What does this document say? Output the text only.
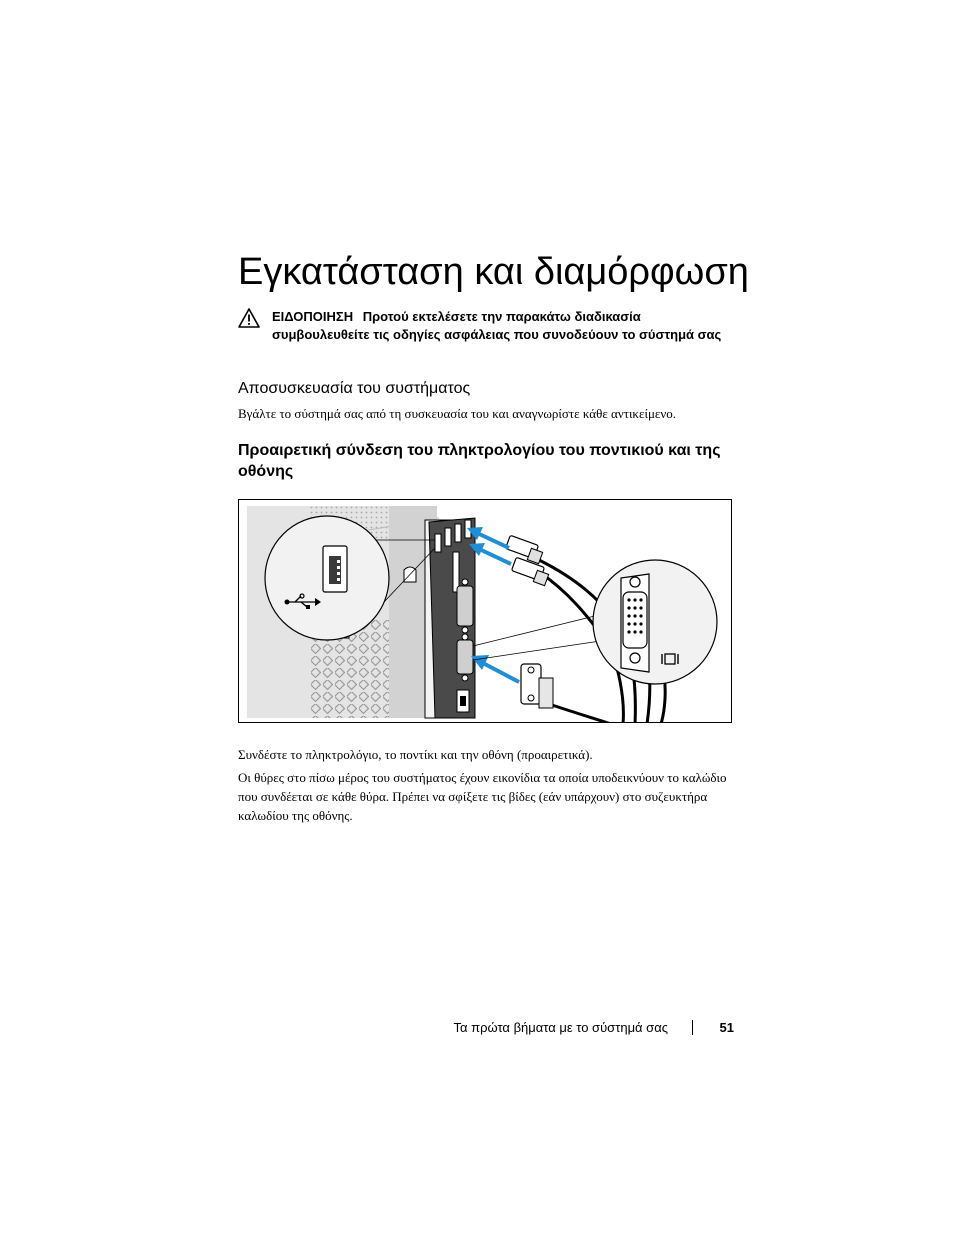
Εγκατάσταση και διαμόρφωση

ΕΙΔΟΠΟΙΗΣΗ Προτού εκτελέσετε την παρακάτω διαδικασία συμβουλευθείτε τις οδηγίες ασφάλειας που συνοδεύουν το σύστημά σας

Αποσυσκευασία του συστήματος

Βγάλτε το σύστημά σας από τη συσκευασία του και αναγνωρίστε κάθε αντικείμενο.

Προαιρετική σύνδεση του πληκτρολογίου του ποντικιού και της οθόνης

Συνδέστε το πληκτρολόγιο, το ποντίκι και την οθόνη (προαιρετικά).

Οι θύρες στο πίσω μέρος του συστήματος έχουν εικονίδια τα οποία υποδεικνύουν το καλώδιο που συνδέεται σε κάθε θύρα. Πρέπει να σφίξετε τις βίδες (εάν υπάρχουν) στο συζευκτήρα καλωδίου της οθόνης.

Τα πρώτα βήματα με το σύστημά σας	51
